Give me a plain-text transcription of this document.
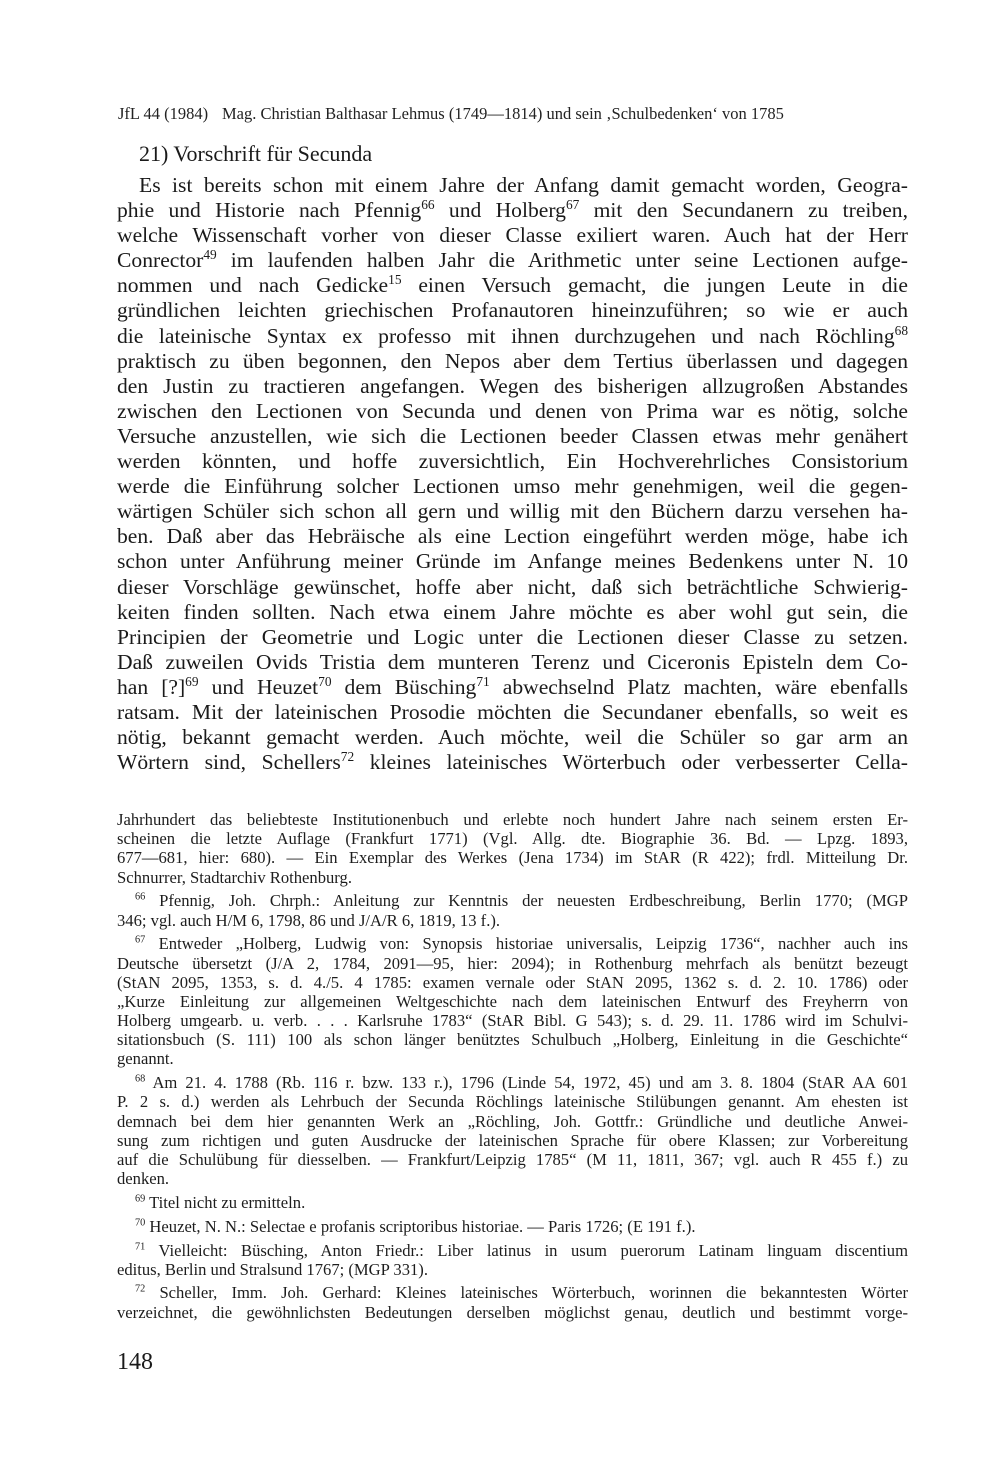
JfL 44 (1984) Mag. Christian Balthasar Lehmus (1749—1814) und sein ‚Schulbedenken‘ von 1785
21) Vorschrift für Secunda
Es ist bereits schon mit einem Jahre der Anfang damit gemacht worden, Geogra-
phie und Historie nach Pfennig$^{66}$ und Holberg$^{67}$ mit den Secundanern zu treiben,
welche Wissenschaft vorher von dieser Classe exiliert waren. Auch hat der Herr
Conrector$^{49}$ im laufenden halben Jahr die Arithmetic unter seine Lectionen aufge-
nommen und nach Gedicke$^{15}$ einen Versuch gemacht, die jungen Leute in die
gründlichen leichten griechischen Profanautoren hineinzuführen; so wie er auch
die lateinische Syntax ex professo mit ihnen durchzugehen und nach Röchling$^{68}$
praktisch zu üben begonnen, den Nepos aber dem Tertius überlassen und dagegen
den Justin zu tractieren angefangen. Wegen des bisherigen allzugroßen Abstandes
zwischen den Lectionen von Secunda und denen von Prima war es nötig, solche
Versuche anzustellen, wie sich die Lectionen beeder Classen etwas mehr genähert
werden könnten, und hoffe zuversichtlich, Ein Hochverehrliches Consistorium
werde die Einführung solcher Lectionen umso mehr genehmigen, weil die gegen-
wärtigen Schüler sich schon all gern und willig mit den Büchern darzu versehen ha-
ben. Daß aber das Hebräische als eine Lection eingeführt werden möge, habe ich
schon unter Anführung meiner Gründe im Anfange meines Bedenkens unter N. 10
dieser Vorschläge gewünschet, hoffe aber nicht, daß sich beträchtliche Schwierig-
keiten finden sollten. Nach etwa einem Jahre möchte es aber wohl gut sein, die
Principien der Geometrie und Logic unter die Lectionen dieser Classe zu setzen.
Daß zuweilen Ovids Tristia dem munteren Terenz und Ciceronis Episteln dem Co-
han [?]$^{69}$ und Heuzet$^{70}$ dem Büsching$^{71}$ abwechselnd Platz machten, wäre ebenfalls
ratsam. Mit der lateinischen Prosodie möchten die Secundaner ebenfalls, so weit es
nötig, bekannt gemacht werden. Auch möchte, weil die Schüler so gar arm an
Wörtern sind, Schellers$^{72}$ kleines lateinisches Wörterbuch oder verbesserter Cella-
Jahrhundert das beliebteste Institutionenbuch und erlebte noch hundert Jahre nach seinem ersten Er-
scheinen die letzte Auflage (Frankfurt 1771) (Vgl. Allg. dte. Biographie 36. Bd. — Lpzg. 1893,
677—681, hier: 680). — Ein Exemplar des Werkes (Jena 1734) im StAR (R 422); frdl. Mitteilung Dr.
Schnurrer, Stadtarchiv Rothenburg.
$^{66}$ Pfennig, Joh. Chrph.: Anleitung zur Kenntnis der neuesten Erdbeschreibung, Berlin 1770; (MGP
346; vgl. auch H/M 6, 1798, 86 und J/A/R 6, 1819, 13 f.).
$^{67}$ Entweder „Holberg, Ludwig von: Synopsis historiae universalis, Leipzig 1736“, nachher auch ins
Deutsche übersetzt (J/A 2, 1784, 2091—95, hier: 2094); in Rothenburg mehrfach als benützt bezeugt
(StAN 2095, 1353, s. d. 4./5. 4 1785: examen vernale oder StAN 2095, 1362 s. d. 2. 10. 1786) oder
„Kurze Einleitung zur allgemeinen Weltgeschichte nach dem lateinischen Entwurf des Freyherrn von
Holberg umgearb. u. verb. . . . Karlsruhe 1783“ (StAR Bibl. G 543); s. d. 29. 11. 1786 wird im Schulvi-
sitationsbuch (S. 111) 100 als schon länger benütztes Schulbuch „Holberg, Einleitung in die Geschichte“
genannt.
$^{68}$ Am 21. 4. 1788 (Rb. 116 r. bzw. 133 r.), 1796 (Linde 54, 1972, 45) und am 3. 8. 1804 (StAR AA 601
P. 2 s. d.) werden als Lehrbuch der Secunda Röchlings lateinische Stilübungen genannt. Am ehesten ist
demnach bei dem hier genannten Werk an „Röchling, Joh. Gottfr.: Gründliche und deutliche Anwei-
sung zum richtigen und guten Ausdrucke der lateinischen Sprache für obere Klassen; zur Vorbereitung
auf die Schulübung für diesselben. — Frankfurt/Leipzig 1785“ (M 11, 1811, 367; vgl. auch R 455 f.) zu
denken.
$^{69}$ Titel nicht zu ermitteln.
$^{70}$ Heuzet, N. N.: Selectae e profanis scriptoribus historiae. — Paris 1726; (E 191 f.).
$^{71}$ Vielleicht: Büsching, Anton Friedr.: Liber latinus in usum puerorum Latinam linguam discentium
editus, Berlin und Stralsund 1767; (MGP 331).
$^{72}$ Scheller, Imm. Joh. Gerhard: Kleines lateinisches Wörterbuch, worinnen die bekanntesten Wörter
verzeichnet, die gewöhnlichsten Bedeutungen derselben möglichst genau, deutlich und bestimmt vorge-
148
